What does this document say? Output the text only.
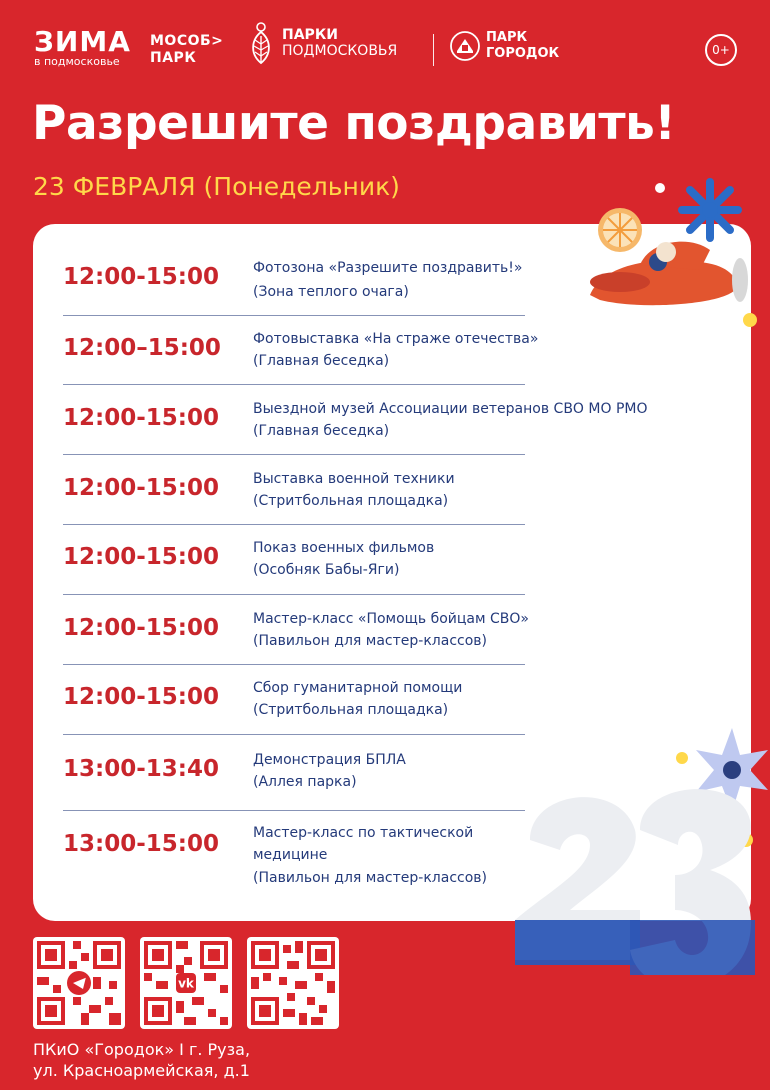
ЗИМА
в подмосковье
МОСОБ>
ПАРК
ПАРКИ
ПОДМОСКОВЬЯ
ПАРК
ГОРОДОК	0+
Разрешите поздравить!
23 ФЕВРАЛЯ (Понедельник)
12:00-15:00 Фотозона «Разрешите поздравить!»
(Зона теплого очага)
12:00–15:00 Фотовыставка «На страже отечества»
(Главная беседка)
12:00-15:00 Выездной музей Ассоциации ветеранов СВО МО РМО
(Главная беседка)
12:00-15:00 Выставка военной техники
(Стритбольная площадка)
12:00-15:00 Показ военных фильмов
(Особняк Бабы-Яги)
12:00-15:00 Мастер-класс «Помощь бойцам СВО»
(Павильон для мастер-классов)
12:00-15:00 Сбор гуманитарной помощи
(Стритбольная площадка)
13:00-13:40 Демонстрация БПЛА
(Аллея парка)
13:00-15:00 Мастер-класс по тактической
медицине
(Павильон для мастер-классов)
23
vk
ПКиО «Городок» I г. Руза,
ул. Красноармейская, д.1
